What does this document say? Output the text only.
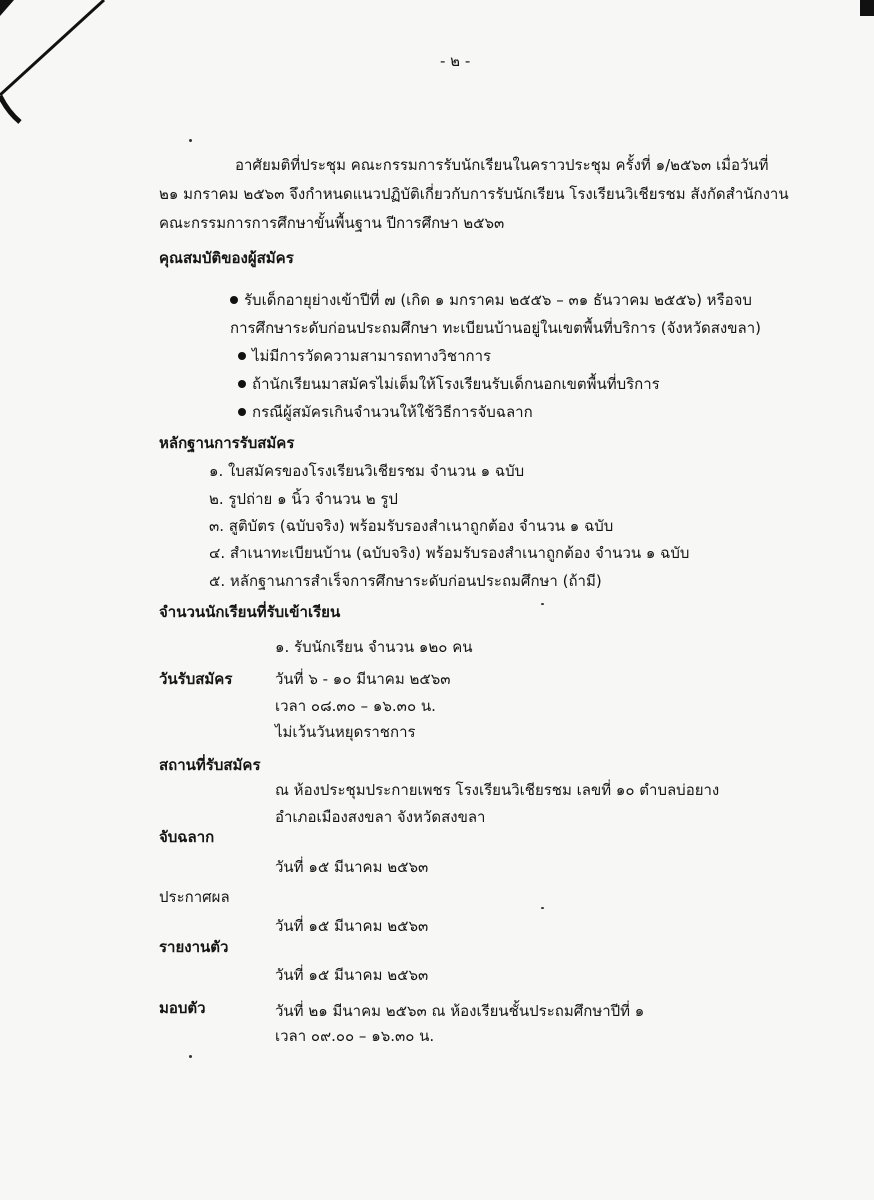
- ๒ -
อาศัยมติที่ประชุม คณะกรรมการรับนักเรียนในคราวประชุม ครั้งที่ ๑/๒๕๖๓ เมื่อวันที่
๒๑ มกราคม ๒๕๖๓ จึงกำหนดแนวปฏิบัติเกี่ยวกับการรับนักเรียน โรงเรียนวิเชียรชม สังกัดสำนักงาน
คณะกรรมการการศึกษาขั้นพื้นฐาน ปีการศึกษา ๒๕๖๓
คุณสมบัติของผู้สมัคร
รับเด็กอายุย่างเข้าปีที่ ๗ (เกิด ๑ มกราคม ๒๕๕๖ – ๓๑ ธันวาคม ๒๕๕๖) หรือจบ
การศึกษาระดับก่อนประถมศึกษา ทะเบียนบ้านอยู่ในเขตพื้นที่บริการ (จังหวัดสงขลา)
ไม่มีการวัดความสามารถทางวิชาการ
ถ้านักเรียนมาสมัครไม่เต็มให้โรงเรียนรับเด็กนอกเขตพื้นที่บริการ
กรณีผู้สมัครเกินจำนวนให้ใช้วิธีการจับฉลาก
หลักฐานการรับสมัคร
๑. ใบสมัครของโรงเรียนวิเชียรชม จำนวน ๑ ฉบับ
๒. รูปถ่าย ๑ นิ้ว จำนวน ๒ รูป
๓. สูติบัตร (ฉบับจริง) พร้อมรับรองสำเนาถูกต้อง จำนวน ๑ ฉบับ
๔. สำเนาทะเบียนบ้าน (ฉบับจริง) พร้อมรับรองสำเนาถูกต้อง จำนวน ๑ ฉบับ
๕. หลักฐานการสำเร็จการศึกษาระดับก่อนประถมศึกษา (ถ้ามี)
จำนวนนักเรียนที่รับเข้าเรียน
๑. รับนักเรียน จำนวน ๑๒๐ คน
วันรับสมัคร	วันที่ ๖ - ๑๐ มีนาคม ๒๕๖๓
เวลา ๐๘.๓๐ – ๑๖.๓๐ น.
ไม่เว้นวันหยุดราชการ
สถานที่รับสมัคร
ณ ห้องประชุมประกายเพชร โรงเรียนวิเชียรชม เลขที่ ๑๐ ตำบลบ่อยาง
อำเภอเมืองสงขลา จังหวัดสงขลา
จับฉลาก
วันที่ ๑๕ มีนาคม ๒๕๖๓
ประกาศผล
วันที่ ๑๕ มีนาคม ๒๕๖๓
รายงานตัว
วันที่ ๑๕ มีนาคม ๒๕๖๓
มอบตัว	วันที่ ๒๑ มีนาคม ๒๕๖๓ ณ ห้องเรียนชั้นประถมศึกษาปีที่ ๑
เวลา ๐๙.๐๐ – ๑๖.๓๐ น.
